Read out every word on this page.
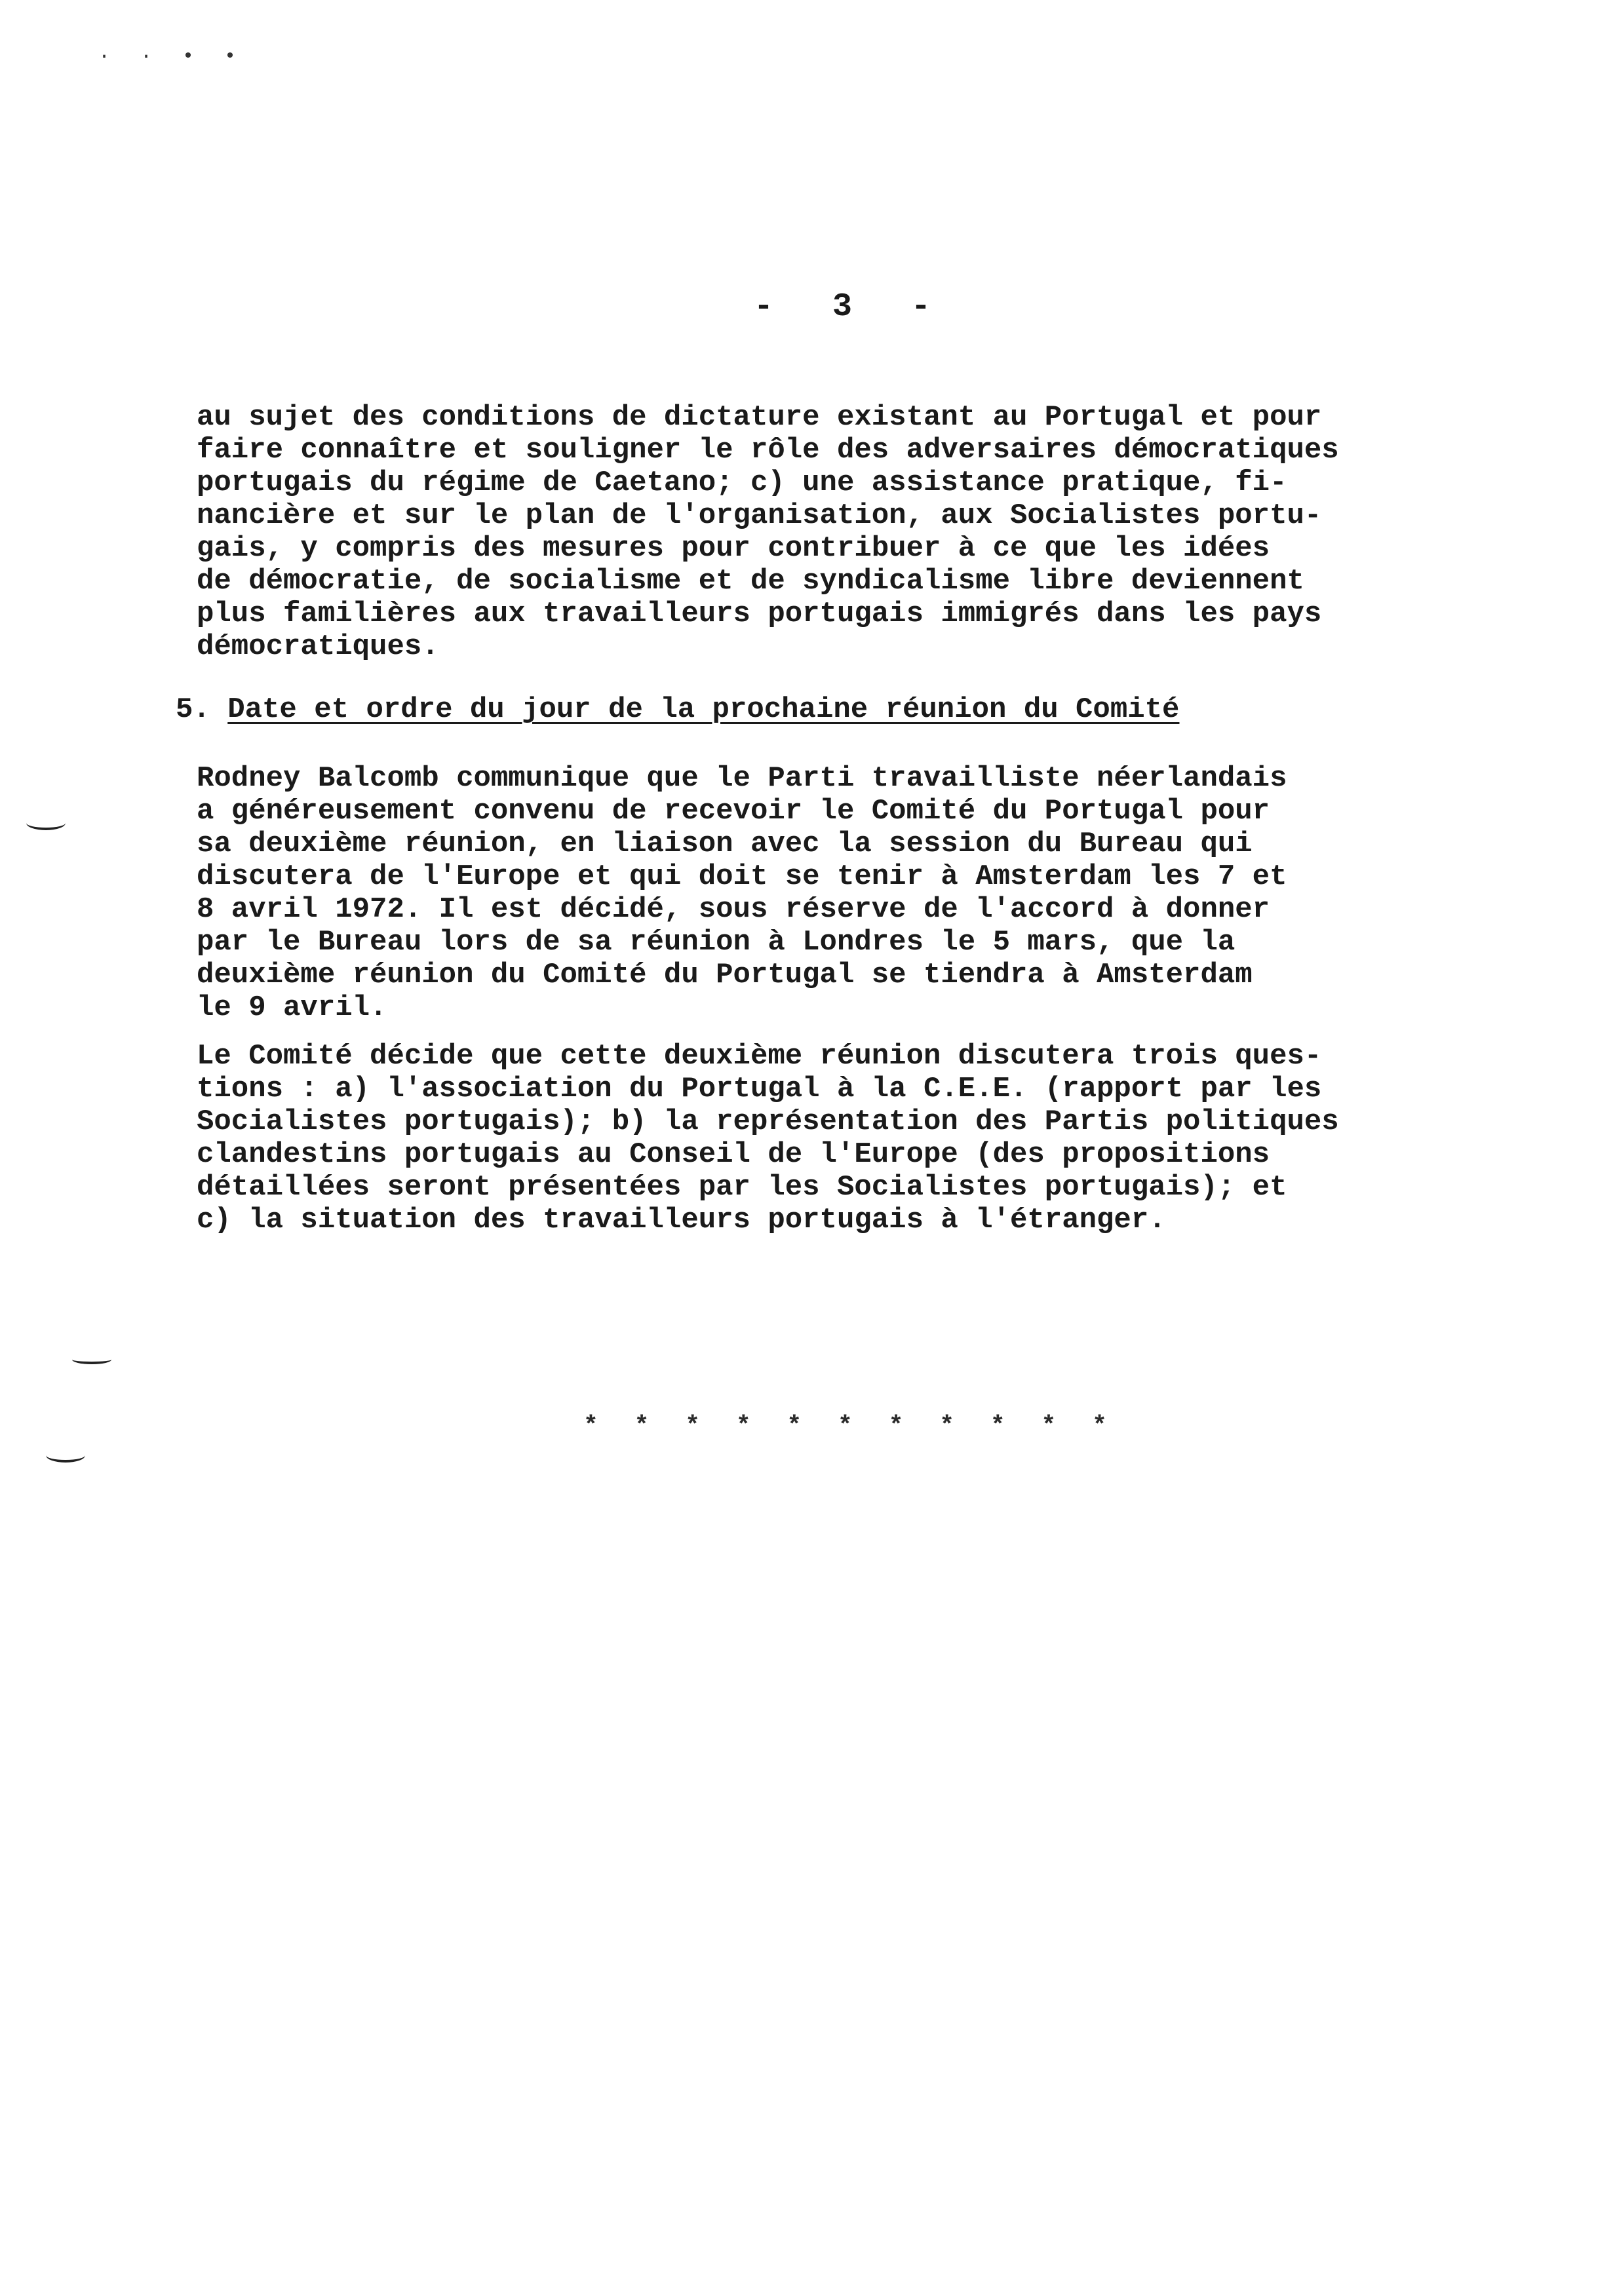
· · • •
- 3 -
au sujet des conditions de dictature existant au Portugal et pour
faire connaître et souligner le rôle des adversaires démocratiques
portugais du régime de Caetano; c) une assistance pratique, fi-
nancière et sur le plan de l'organisation, aux Socialistes portu-
gais, y compris des mesures pour contribuer à ce que les idées
de démocratie, de socialisme et de syndicalisme libre deviennent
plus familières aux travailleurs portugais immigrés dans les pays
démocratiques.
5. Date et ordre du jour de la prochaine réunion du Comité
Rodney Balcomb communique que le Parti travailliste néerlandais
a généreusement convenu de recevoir le Comité du Portugal pour
sa deuxième réunion, en liaison avec la session du Bureau qui
discutera de l'Europe et qui doit se tenir à Amsterdam les 7 et
8 avril 1972. Il est décidé, sous réserve de l'accord à donner
par le Bureau lors de sa réunion à Londres le 5 mars, que la
deuxième réunion du Comité du Portugal se tiendra à Amsterdam
le 9 avril.
Le Comité décide que cette deuxième réunion discutera trois ques-
tions : a) l'association du Portugal à la C.E.E. (rapport par les
Socialistes portugais); b) la représentation des Partis politiques
clandestins portugais au Conseil de l'Europe (des propositions
détaillées seront présentées par les Socialistes portugais); et
c) la situation des travailleurs portugais à l'étranger.
* * * * * * * * * * *
